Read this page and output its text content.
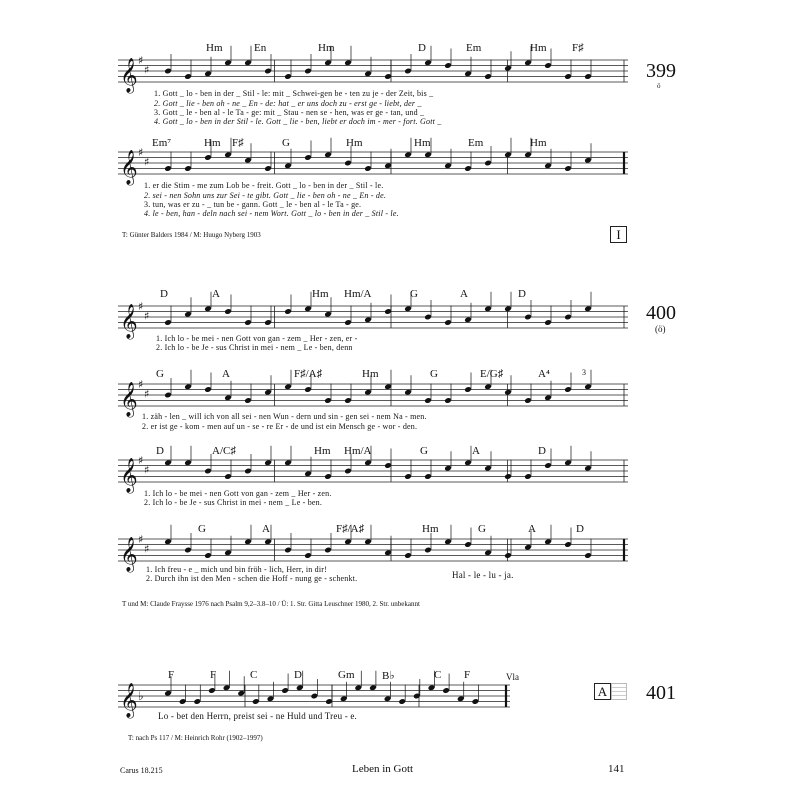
Hm	En	Hm	D	Em	Hm F♯
𝄞 ♯
♯	399
ö
1. Gott _ lo - ben in der _ Stil - le: mit _ Schwei-gen be - ten zu je - der Zeit, bis _
2. Gott _ lie - ben oh - ne _ En - de: hat _ er uns doch zu - erst ge - liebt, der _
3. Gott _ le - ben al - le Ta - ge: mit _ Stau - nen se - hen, was er ge - tan, und _
4. Gott _ lo - ben in der Stil - le. Gott _ lie - ben, liebt er doch im - mer - fort. Gott _
Em⁷	Hm F♯	G	Hm	Hm	Em	Hm
𝄞 ♯
♯
1. er die Stim - me zum Lob be - freit. Gott _ lo - ben in der _ Stil - le.
2. sei - nen Sohn uns zur Sei - te gibt. Gott _ lie - ben oh - ne _ En - de.
3. tun, was er zu - _ tun be - gann. Gott _ le - ben al - le Ta - ge.
4. le - ben, han - deln nach sei - nem Wort. Gott _ lo - ben in der _ Stil - le.
T: Günter Balders 1984 / M: Huugo Nyberg 1903	I
D	A	Hm Hm/A	G	A	D
𝄞 ♯
♯	400
(ö)
1. Ich lo - be mei - nen Gott von gan - zem _ Her - zen, er -
2. Ich lo - be Je - sus Christ in mei - nem _ Le - ben, denn
G	A	F♯/A♯	Hm	G	E/G♯	A⁴	3
𝄞 ♯
♯
1. zäh - len _ will ich von all sei - nen Wun - dern und sin - gen sei - nem Na - men.
2. er ist ge - kom - men auf un - se - re Er - de und ist ein Mensch ge - wor - den.
D	A/C♯	Hm Hm/A	G	A	D
𝄞 ♯
♯
1. Ich lo - be mei - nen Gott von gan - zem _ Her - zen.
2. Ich lo - be Je - sus Christ in mei - nem _ Le - ben.
G	A	F♯/A♯	Hm	G	A	D
𝄞 ♯
♯
1. Ich freu - e _ mich und bin fröh - lich, Herr, in dir!
2. Durch ihn ist den Men - schen die Hoff - nung ge - schenkt.	Hal - le - lu - ja.
T und M: Claude Fraysse 1976 nach Psalm 9,2–3.8–10 / Ü: 1. Str. Gitta Leuschner 1980, 2. Str. unbekannt
F	F	C	D	Gm	B♭	C F	Vla
𝄞 ♭	A 401
Lo - bet den Herrn, preist sei - ne Huld und Treu - e.
T: nach Ps 117 / M: Heinrich Rohr (1902–1997)
Carus 18.215	Leben in Gott	141
